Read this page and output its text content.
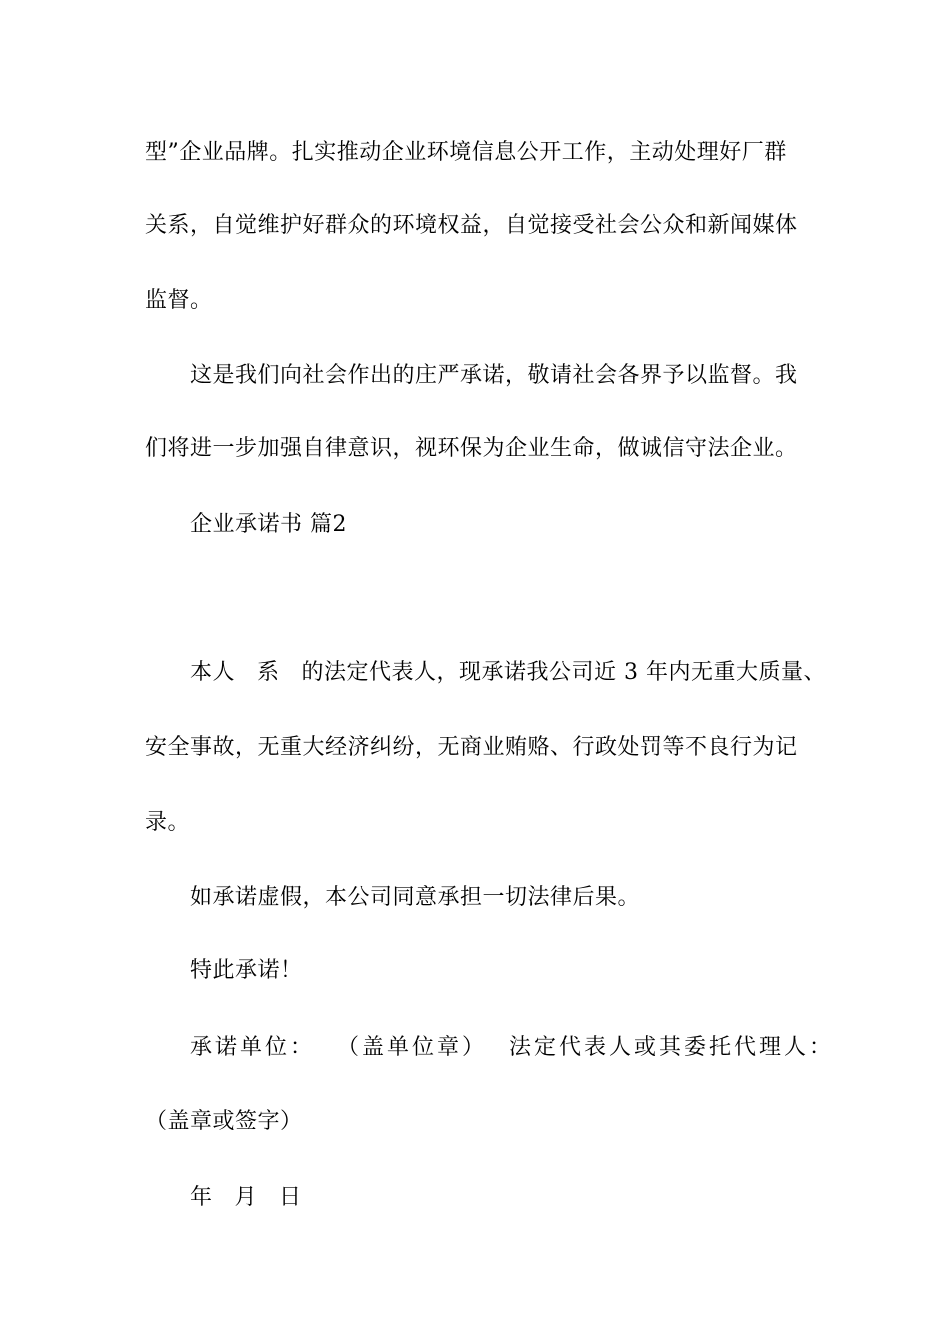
型”企业品牌。扎实推动企业环境信息公开工作，主动处理好厂群
关系，自觉维护好群众的环境权益，自觉接受社会公众和新闻媒体
监督。
这是我们向社会作出的庄严承诺，敬请社会各界予以监督。我
们将进一步加强自律意识，视环保为企业生命，做诚信守法企业。
企业承诺书 篇2
本人 系 的法定代表人，现承诺我公司近 3 年内无重大质量、
安全事故，无重大经济纠纷，无商业贿赂、行政处罚等不良行为记
录。
如承诺虚假，本公司同意承担一切法律后果。
特此承诺！
承诺单位： （盖单位章） 法定代表人或其委托代理人：
（盖章或签字）
年 月 日
